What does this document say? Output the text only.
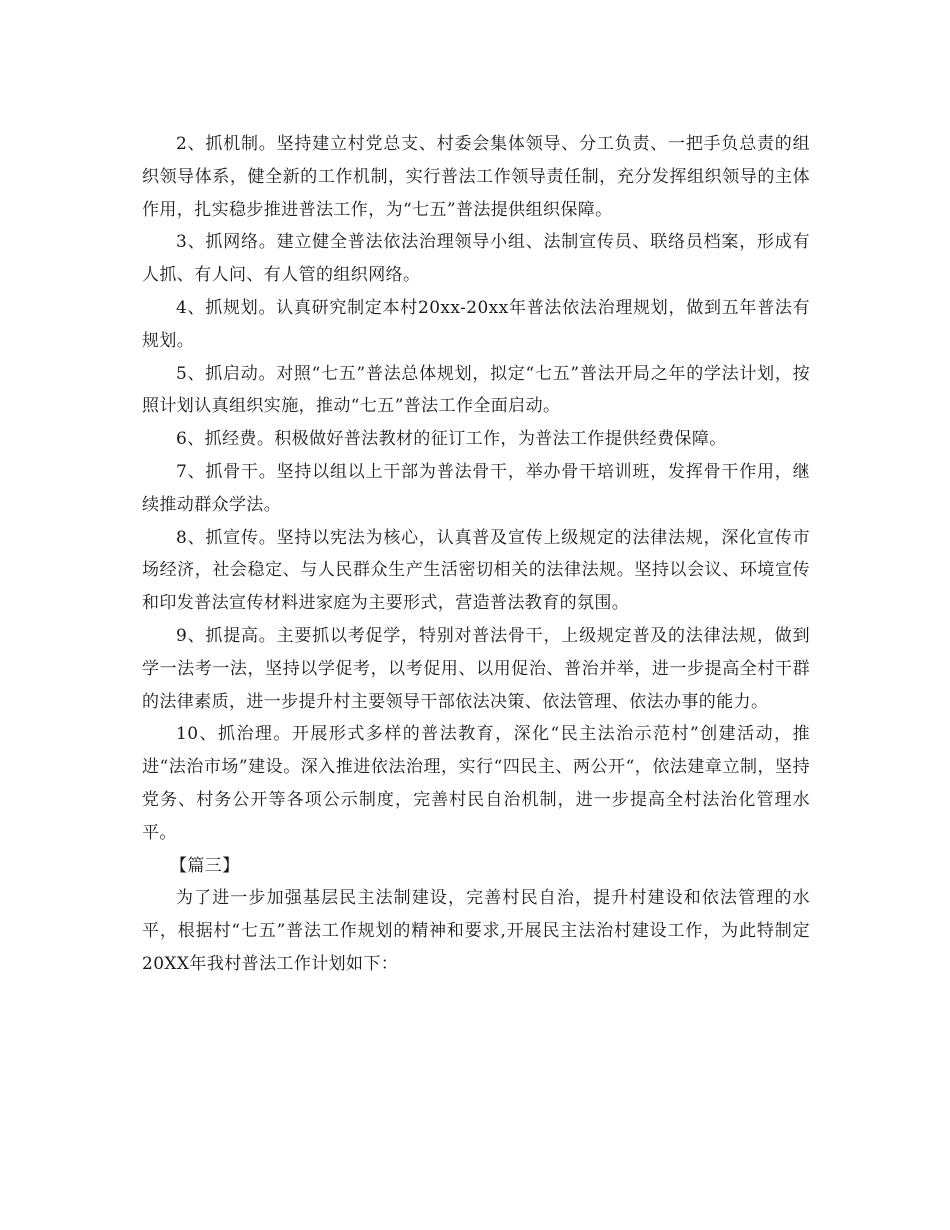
2、抓机制。坚持建立村党总支、村委会集体领导、分工负责、一把手负总责的组织领导体系，健全新的工作机制，实行普法工作领导责任制，充分发挥组织领导的主体作用，扎实稳步推进普法工作，为“七五”普法提供组织保障。

3、抓网络。建立健全普法依法治理领导小组、法制宣传员、联络员档案，形成有人抓、有人问、有人管的组织网络。

4、抓规划。认真研究制定本村20xx-20xx年普法依法治理规划，做到五年普法有规划。

5、抓启动。对照“七五”普法总体规划，拟定“七五”普法开局之年的学法计划，按照计划认真组织实施，推动“七五”普法工作全面启动。

6、抓经费。积极做好普法教材的征订工作，为普法工作提供经费保障。

7、抓骨干。坚持以组以上干部为普法骨干，举办骨干培训班，发挥骨干作用，继续推动群众学法。

8、抓宣传。坚持以宪法为核心，认真普及宣传上级规定的法律法规，深化宣传市场经济，社会稳定、与人民群众生产生活密切相关的法律法规。坚持以会议、环境宣传和印发普法宣传材料进家庭为主要形式，营造普法教育的氛围。

9、抓提高。主要抓以考促学，特别对普法骨干，上级规定普及的法律法规，做到学一法考一法，坚持以学促考，以考促用、以用促治、普治并举，进一步提高全村干群的法律素质，进一步提升村主要领导干部依法决策、依法管理、依法办事的能力。

10、抓治理。开展形式多样的普法教育，深化“民主法治示范村”创建活动，推进“法治市场”建设。深入推进依法治理，实行“四民主、两公开“，依法建章立制，坚持党务、村务公开等各项公示制度，完善村民自治机制，进一步提高全村法治化管理水平。

【篇三】

为了进一步加强基层民主法制建设，完善村民自治，提升村建设和依法管理的水平，根据村“七五”普法工作规划的精神和要求,开展民主法治村建设工作，为此特制定20XX年我村普法工作计划如下：
